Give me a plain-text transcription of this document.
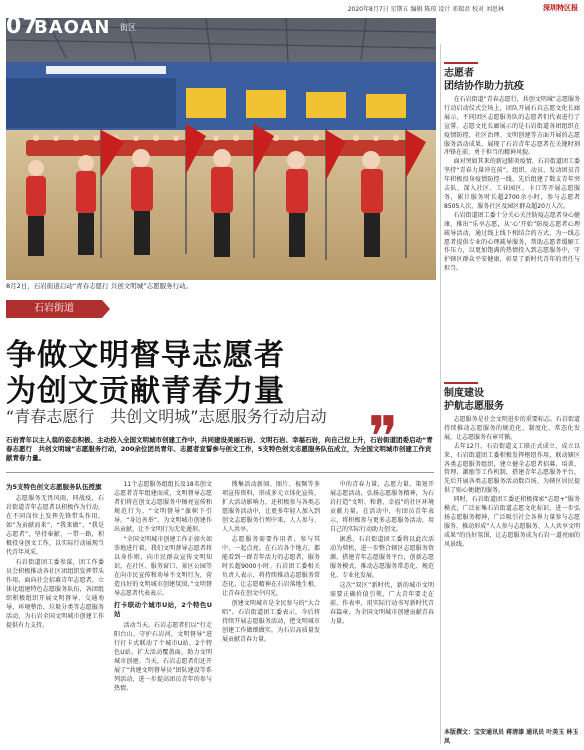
2020年8月7日 星期五 编辑 陈琼 设计 邓瑞君 校对 刘思林	深圳特区报
07
BAOAN 街区
8月2日，石岩街道启动“青春志愿行 共创文明城”志愿服务行动。
石岩街道
争做文明督导志愿者
为创文贡献青春力量
“青春志愿行　共创文明城”志愿服务行动启动 ❞
石岩青年以主人翁的姿态积极、主动投入全国文明城市创建工作中，共同建设美丽石岩、文明石岩、幸福石岩，向自己位上升，石岩街道团委启动“青春志愿行　共创文明城”志愿服务行动，200余位团员青年、志愿者宣誓参与创文工作，5支特色创文志愿服务队伍成立，为全国文明城市创建工作贡献青春力量。

为5支特色创文志愿服务队伍授旗

志愿服务无畏风雨，同战疫，石岩街道青年志愿者以积极作为行动，在不同岗位上发挥先锋带头作用。如“为贡献而来”，“我来做”，“我是志愿者”，坚持奉献、一带一路，积极投身创文工作，以实际行动展现当代青年风采。

石岩街道团工委参谋，团工作委员会积极推动各社区团组织发挥带头作用，面向社会招募青年志愿者，立体化组建特色志愿服务队伍，各团组织积极组织开展文明督导、交通劝导、环境整治、垃圾分类等志愿服务活动，为石岩全国文明城市创建工作提供有力支持。

11个志愿服务组组长及18名创文志愿者青年组建而成，文明督导志愿者们将在创文志愿服务中擦亮宣传和规范行为，“文明督导”旗帜下引导。“身边善举”，为文明城市创建作出贡献，让不文明行为无处遁形。

“全国文明城市创建工作正如火如荼地进行着，我们文明督导志愿者将以身作则，向市民群众宣传文明知识，在社区、服务窗口、景区公园等在向市民宣传和劝导不文明行为，营造良好的文明城市创建氛围，”文明督导志愿者代表表示。

打卡联动个城市U站，2个特色U站

活动当天，石岩志愿者们以“行走阳台山，守护石岩河，文明督导”进行打卡式联动了个城市U站，2个特色U站，扩大活动覆盖面，助力文明城市创建。当天，石岩志愿者们还开展了“共建文明督导员”团队建设等系列活动，进一步提高团员青年的参与热情。

搜集活动新闻、图片、视频等多项宣传资料，形成多元立体化宣传，扩大活动影响力，还积极参与各类志愿服务活动中，让更多年轻人加入到创文志愿服务行列中来，人人参与、人人共享。

志愿服务需要作用者，参与其中，一起点亮。在石岩各个地方，都能看到一群青年活力的志愿者，服务时长超9000小时。石岩团工委相关负责人表示，将持续推动志愿服务常态化，让志愿精神在石岩落地生根，让青春在创文中闪光。

创建文明城市是全民参与的“大合唱”。石岩街道团工委表示，今后将持续开展志愿服务活动，把文明城市创建工作做细做实，为石岩高质量发展贡献青春力量。

中的青春力量，志愿力量。策划开展志愿活动，弘扬志愿服务精神，为石岩打造“文明、和谐、幸福”的社区环境贡献力量。在活动中，有团员青年表示，将积极参与更多志愿服务活动，用自己的实际行动助力创文。

据悉，石岩街道团工委将以此次活动为契机，进一步整合辖区志愿服务资源，搭建青年志愿服务平台，创新志愿服务模式，推动志愿服务常态化、规范化、专业化发展。

这次“双区”新时代，新的城市文明需要正确价值引领，广大青年要走在前、作表率，用实际行动书写新时代青春篇章，为全国文明城市创建贡献青春力量。

志愿者
团结协作助力抗疫

在石岩街道“青春志愿行，共创文明城”志愿服务行动启动仪式会场上，团队开展石岩志愿文化长廊展示，不同团区志愿服务队的志愿者们代表进行了宣誓。志愿文化长廊展示的是石岩街道各团组织在疫情防控、社区治理、文明创建等方面开展的志愿服务活动成果，展现了石岩青年志愿者在关键时刻冲锋在前、勇于担当的精神风貌。

面对突如其来的新冠肺炎疫情，石岩街道团工委坚持“青春力量冲在前”，组织、动员、发动团员青年积极投身疫情防控一线，先后组建了数支青年突击队，深入社区、工业园区、卡口等开展志愿服务，累计服务时长超2700余小时，参与志愿者8505人次，服务社区及园区群众超20万人次。

石岩街道团工委十分关心关注防疫志愿者身心健康，推出“乐享志愿，从‘心’开始”防疫志愿者心理疏导活动，通过线上线下相结合的方式，为一线志愿者提供专业的心理疏导服务，帮助志愿者缓解工作压力，以更加饱满的热情投入到志愿服务中，守护辖区群众平安健康，彰显了新时代青年的责任与担当。

制度建设
护航志愿服务

志愿服务是社会文明进步的重要标志。石岩街道持续推动志愿服务的规范化、制度化、常态化发展，让志愿服务有章可循。

去年12月，石岩街道义工联正式成立，成立以来，石岩街道团工委积极发挥枢纽作用，联动辖区各类志愿服务组织，建立健全志愿者招募、培训、管理、激励等工作机制，搭建青年志愿服务平台，先后开展各类志愿服务活动数百场，为辖区居民提供了贴心便捷的服务。

同时，石岩街道团工委还积极探索“志愿+”服务模式，广泛征集石岩街道志愿文化标识，进一步弘扬志愿服务精神，广泛吸引社会各界力量参与志愿服务，推动形成“人人参与志愿服务、人人共享文明成果”的良好氛围，让志愿服务成为石岩一道亮丽的风景线。

本版撰文：宝安通讯员 蒋清漆 通讯员 叶美玉 林玉凤
